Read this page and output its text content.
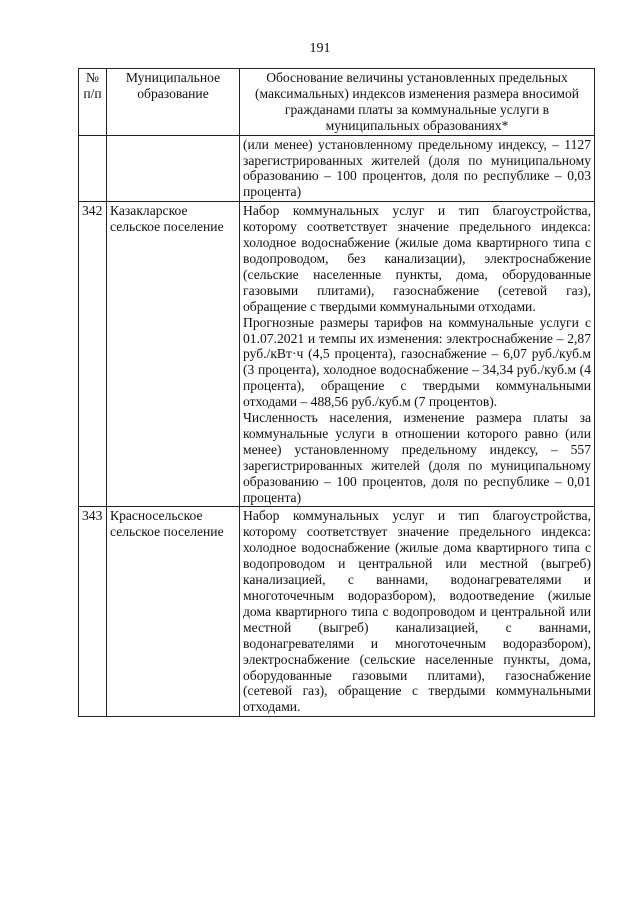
191
№ п/п	Муниципальное образование	Обоснование величины установленных предельных (максимальных) индексов изменения размера вносимой гражданами платы за коммунальные услуги в муниципальных образованиях*

		(или менее) установленному предельному индексу, – 1127 зарегистрированных жителей (доля по муниципальному образованию – 100 процентов, доля по республике – 0,03 процента)

342	Казакларское сельское поселение	Набор коммунальных услуг и тип благоустройства, которому соответствует значение предельного индекса: холодное водоснабжение (жилые дома квартирного типа с водопроводом, без канализации), электроснабжение (сельские населенные пункты, дома, оборудованные газовыми плитами), газоснабжение (сетевой газ), обращение с твердыми коммунальными отходами.

Прогнозные размеры тарифов на коммунальные услуги с 01.07.2021 и темпы их изменения: электроснабжение – 2,87 руб./кВт·ч (4,5 процента), газоснабжение – 6,07 руб./куб.м (3 процента), холодное водоснабжение – 34,34 руб./куб.м (4 процента), обращение с твердыми коммунальными отходами – 488,56 руб./куб.м (7 процентов).

Численность населения, изменение размера платы за коммунальные услуги в отношении которого равно (или менее) установленному предельному индексу, – 557 зарегистрированных жителей (доля по муниципальному образованию – 100 процентов, доля по республике – 0,01 процента)

343	Красносельское сельское поселение	Набор коммунальных услуг и тип благоустройства, которому соответствует значение предельного индекса: холодное водоснабжение (жилые дома квартирного типа с водопроводом и центральной или местной (выгреб) канализацией, с ваннами, водонагревателями и многоточечным водоразбором), водоотведение (жилые дома квартирного типа с водопроводом и центральной или местной (выгреб) канализацией, с ваннами, водонагревателями и многоточечным водоразбором), электроснабжение (сельские населенные пункты, дома, оборудованные газовыми плитами), газоснабжение (сетевой газ), обращение с твердыми коммунальными отходами.
